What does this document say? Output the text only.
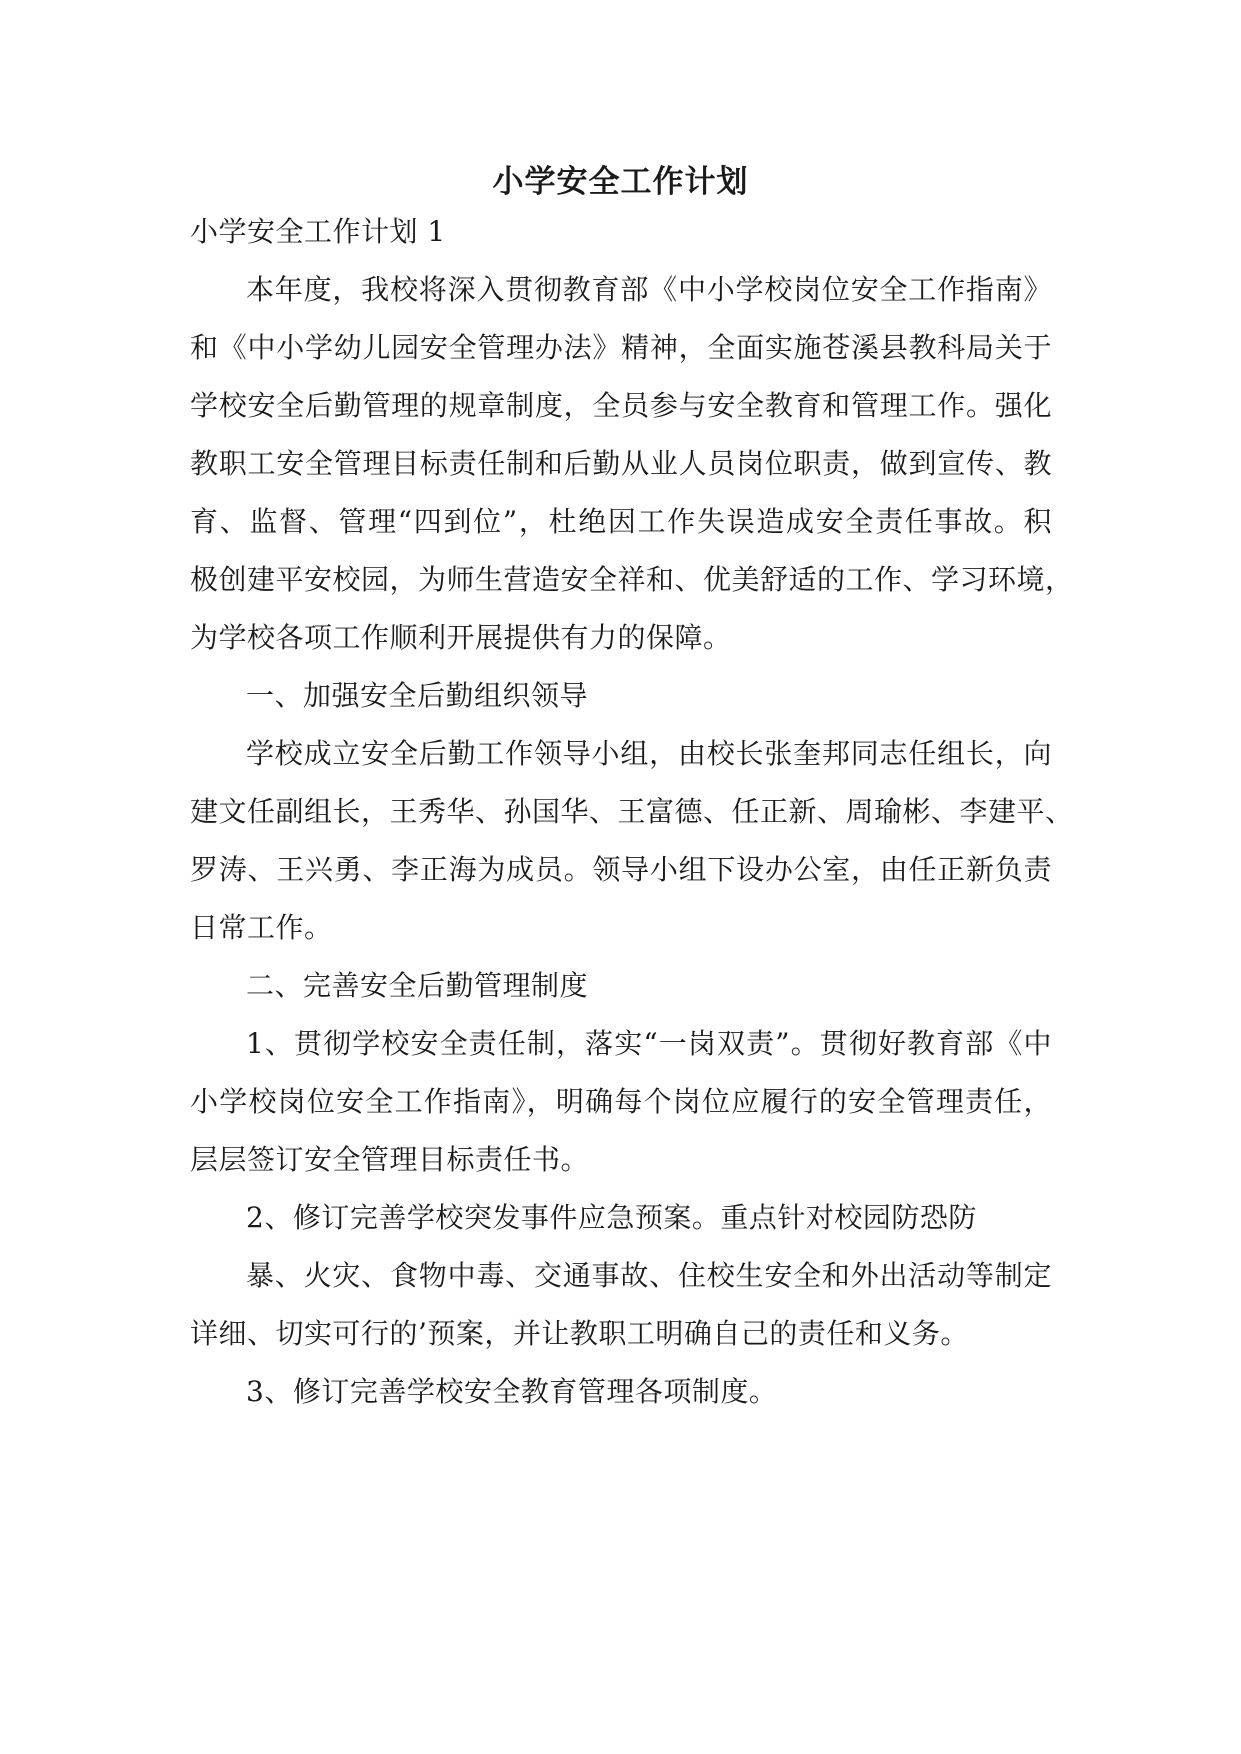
小学安全工作计划

小学安全工作计划 1

本年度，我校将深入贯彻教育部《中小学校岗位安全工作指南》

和《中小学幼儿园安全管理办法》精神，全面实施苍溪县教科局关于

学校安全后勤管理的规章制度，全员参与安全教育和管理工作。强化

教职工安全管理目标责任制和后勤从业人员岗位职责，做到宣传、教

育、监督、管理“四到位”，杜绝因工作失误造成安全责任事故。积

极创建平安校园，为师生营造安全祥和、优美舒适的工作、学习环境，

为学校各项工作顺利开展提供有力的保障。

一、加强安全后勤组织领导

学校成立安全后勤工作领导小组，由校长张奎邦同志任组长，向

建文任副组长，王秀华、孙国华、王富德、任正新、周瑜彬、李建平、

罗涛、王兴勇、李正海为成员。领导小组下设办公室，由任正新负责

日常工作。

二、完善安全后勤管理制度

1、贯彻学校安全责任制，落实“一岗双责”。贯彻好教育部《中

小学校岗位安全工作指南》，明确每个岗位应履行的安全管理责任，

层层签订安全管理目标责任书。

2、修订完善学校突发事件应急预案。重点针对校园防恐防

暴、火灾、食物中毒、交通事故、住校生安全和外出活动等制定

详细、切实可行的’预案，并让教职工明确自己的责任和义务。

3、修订完善学校安全教育管理各项制度。
